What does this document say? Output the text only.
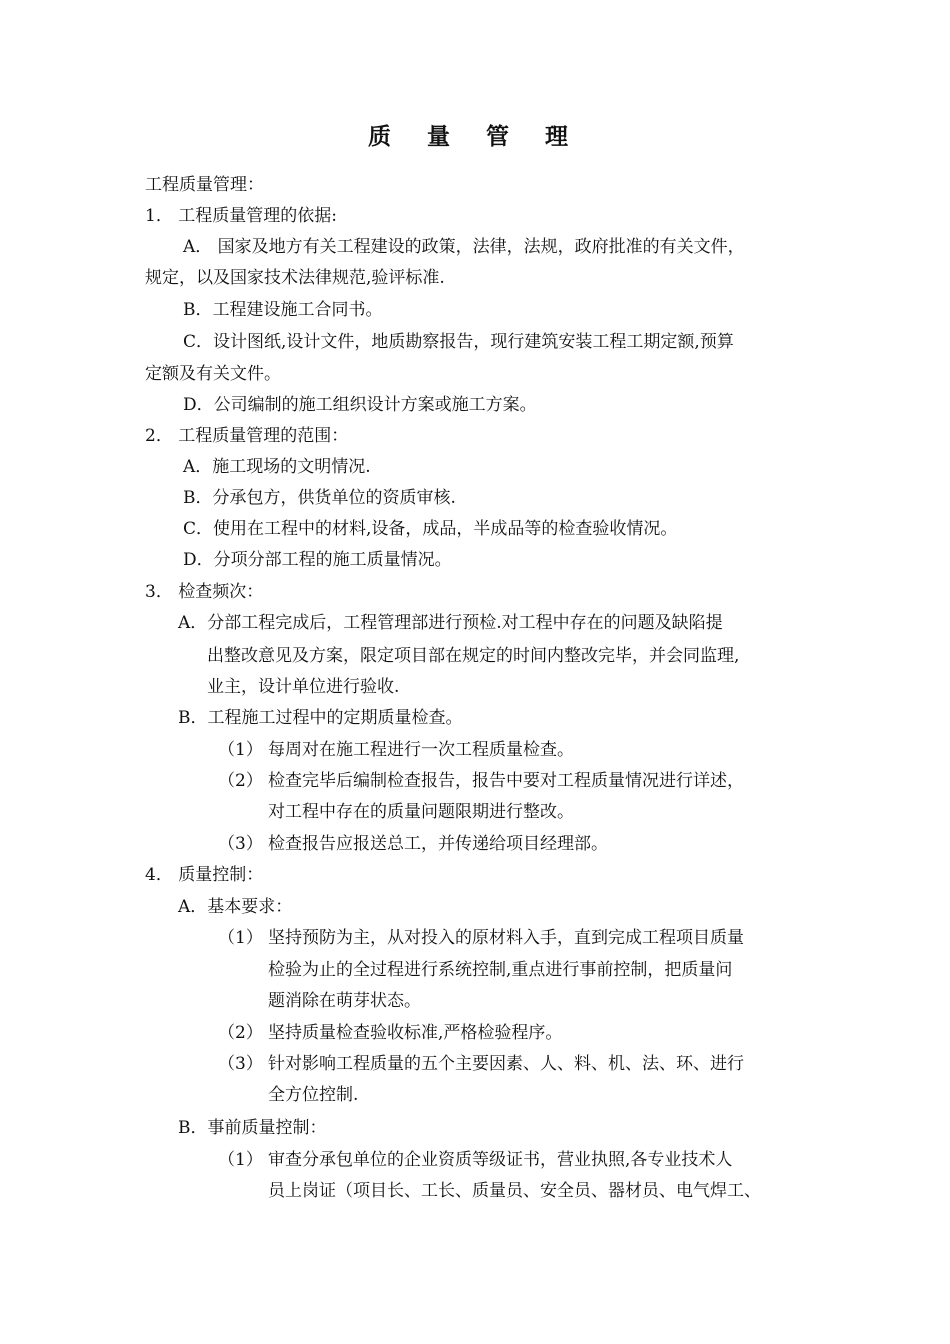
质 量 管 理
工程质量管理：
1． 工程质量管理的依据:
A． 国家及地方有关工程建设的政策，法律，法规，政府批准的有关文件，
规定，以及国家技术法律规范,验评标准.
B．工程建设施工合同书。
C．设计图纸,设计文件，地质勘察报告，现行建筑安装工程工期定额,预算
定额及有关文件。
D．公司编制的施工组织设计方案或施工方案。
2． 工程质量管理的范围：
A．施工现场的文明情况.
B．分承包方，供货单位的资质审核.
C．使用在工程中的材料,设备，成品，半成品等的检查验收情况。
D．分项分部工程的施工质量情况。
3． 检查频次：
A．分部工程完成后，工程管理部进行预检.对工程中存在的问题及缺陷提
出整改意见及方案，限定项目部在规定的时间内整改完毕，并会同监理,
业主，设计单位进行验收.
B．工程施工过程中的定期质量检查。
（1） 每周对在施工程进行一次工程质量检查。
（2） 检查完毕后编制检查报告，报告中要对工程质量情况进行详述，
对工程中存在的质量问题限期进行整改。
（3） 检查报告应报送总工，并传递给项目经理部。
4． 质量控制：
A．基本要求：
（1） 坚持预防为主，从对投入的原材料入手，直到完成工程项目质量
检验为止的全过程进行系统控制,重点进行事前控制，把质量问
题消除在萌芽状态。
（2） 坚持质量检查验收标准,严格检验程序。
（3） 针对影响工程质量的五个主要因素、人、料、机、法、环、进行
全方位控制.
B．事前质量控制：
（1） 审查分承包单位的企业资质等级证书，营业执照,各专业技术人
员上岗证（项目长、工长、质量员、安全员、器材员、电气焊工、
